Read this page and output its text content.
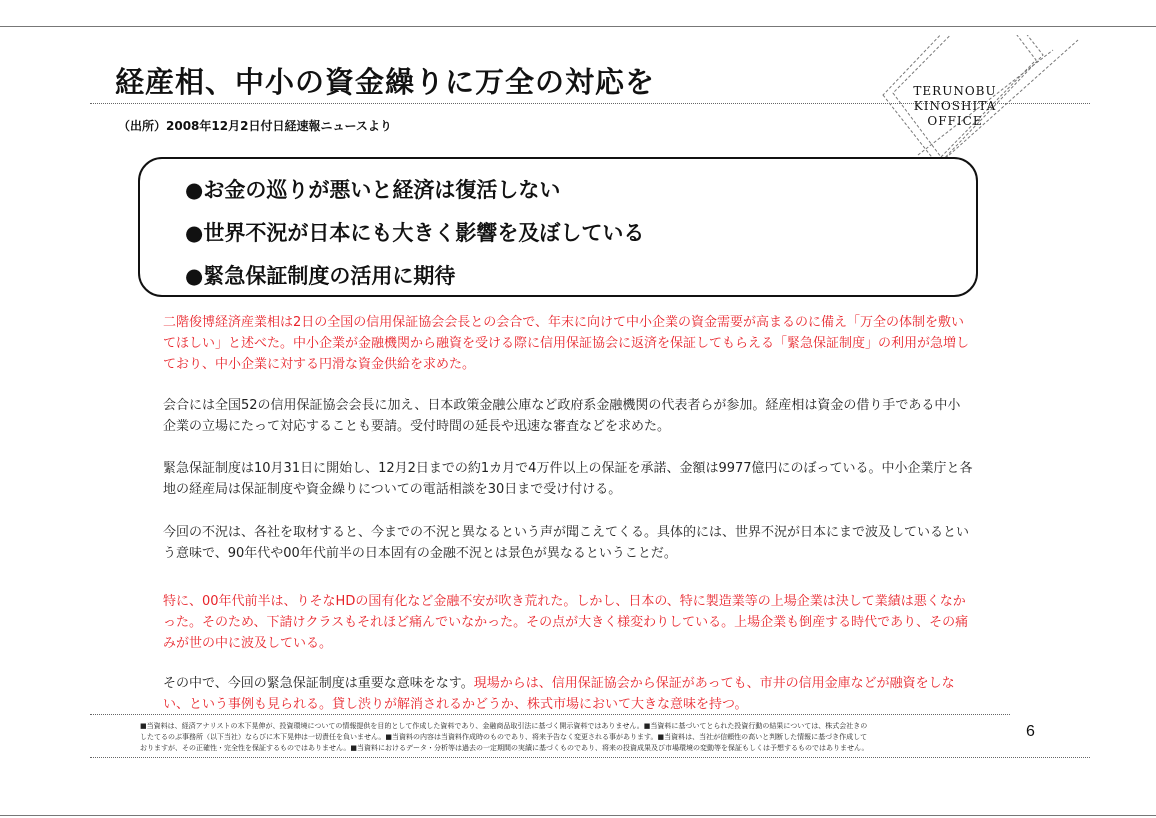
経産相、中小の資金繰りに万全の対応を
（出所）2008年12月2日付日経速報ニュースより
TERUNOBU
KINOSHITA
OFFICE
●お金の巡りが悪いと経済は復活しない
●世界不況が日本にも大きく影響を及ぼしている
●緊急保証制度の活用に期待

二階俊博経済産業相は2日の全国の信用保証協会会長との会合で、年末に向けて中小企業の資金需要が高まるのに備え「万全の体制を敷いてほしい」と述べた。中小企業が金融機関から融資を受ける際に信用保証協会に返済を保証してもらえる「緊急保証制度」の利用が急増しており、中小企業に対する円滑な資金供給を求めた。

会合には全国52の信用保証協会会長に加え、日本政策金融公庫など政府系金融機関の代表者らが参加。経産相は資金の借り手である中小企業の立場にたって対応することも要請。受付時間の延長や迅速な審査などを求めた。

緊急保証制度は10月31日に開始し、12月2日までの約1カ月で4万件以上の保証を承諾、金額は9977億円にのぼっている。中小企業庁と各地の経産局は保証制度や資金繰りについての電話相談を30日まで受け付ける。

今回の不況は、各社を取材すると、今までの不況と異なるという声が聞こえてくる。具体的には、世界不況が日本にまで波及しているという意味で、90年代や00年代前半の日本固有の金融不況とは景色が異なるということだ。

特に、00年代前半は、りそなHDの国有化など金融不安が吹き荒れた。しかし、日本の、特に製造業等の上場企業は決して業績は悪くなかった。そのため、下請けクラスもそれほど痛んでいなかった。その点が大きく様変わりしている。上場企業も倒産する時代であり、その痛みが世の中に波及している。

その中で、今回の緊急保証制度は重要な意味をなす。現場からは、信用保証協会から保証があっても、市井の信用金庫などが融資をしない、という事例も見られる。貸し渋りが解消されるかどうか、株式市場において大きな意味を持つ。

■当資料は、経済アナリストの木下晃伸が、投資環境についての情報提供を目的として作成した資料であり、金融商品取引法に基づく開示資料ではありません。■当資料に基づいてとられた投資行動の結果については、株式会社きの
したてるのぶ事務所（以下当社）ならびに木下晃伸は一切責任を負いません。■当資料の内容は当資料作成時のものであり、将来予告なく変更される事があります。■当資料は、当社が信頼性の高いと判断した情報に基づき作成して
おりますが、その正確性・完全性を保証するものではありません。■当資料におけるデータ・分析等は過去の一定期間の実績に基づくものであり、将来の投資成果及び市場環境の変動等を保証もしくは予想するものではありません。
6
